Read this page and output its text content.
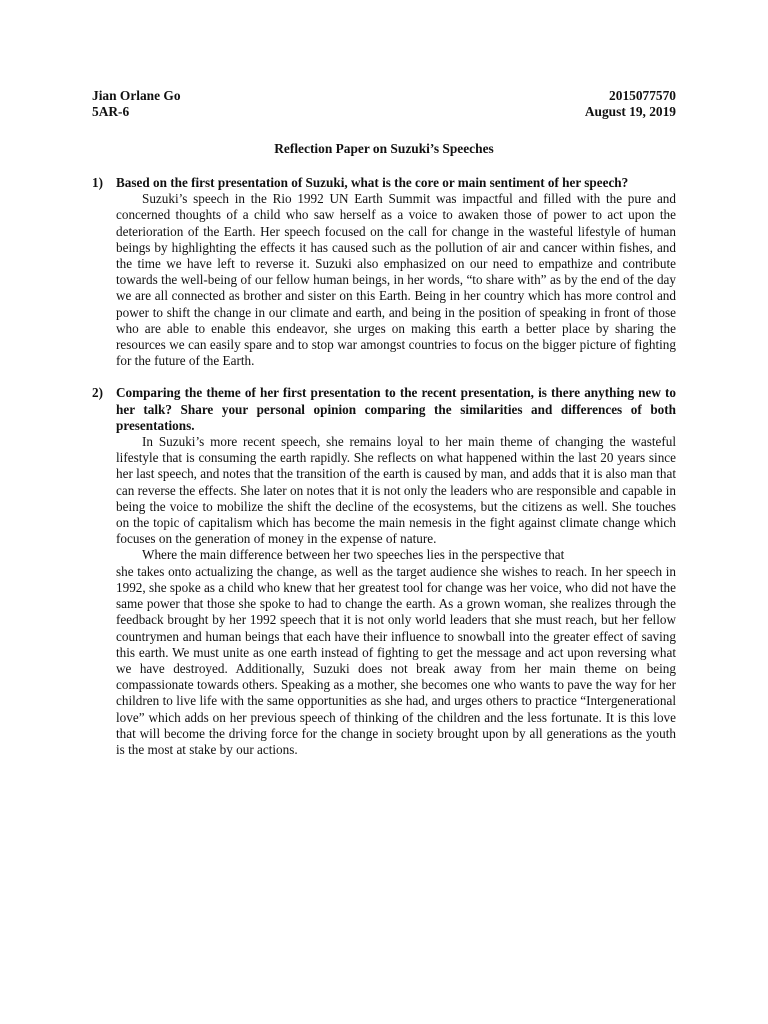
Jian Orlane Go
5AR-6
2015077570
August 19, 2019
Reflection Paper on Suzuki’s Speeches
1) Based on the first presentation of Suzuki, what is the core or main sentiment of her speech?
Suzuki’s speech in the Rio 1992 UN Earth Summit was impactful and filled with the pure and concerned thoughts of a child who saw herself as a voice to awaken those of power to act upon the deterioration of the Earth. Her speech focused on the call for change in the wasteful lifestyle of human beings by highlighting the effects it has caused such as the pollution of air and cancer within fishes, and the time we have left to reverse it. Suzuki also emphasized on our need to empathize and contribute towards the well-being of our fellow human beings, in her words, “to share with” as by the end of the day we are all connected as brother and sister on this Earth. Being in her country which has more control and power to shift the change in our climate and earth, and being in the position of speaking in front of those who are able to enable this endeavor, she urges on making this earth a better place by sharing the resources we can easily spare and to stop war amongst countries to focus on the bigger picture of fighting for the future of the Earth.
2) Comparing the theme of her first presentation to the recent presentation, is there anything new to her talk? Share your personal opinion comparing the similarities and differences of both presentations.
In Suzuki’s more recent speech, she remains loyal to her main theme of changing the wasteful lifestyle that is consuming the earth rapidly. She reflects on what happened within the last 20 years since her last speech, and notes that the transition of the earth is caused by man, and adds that it is also man that can reverse the effects. She later on notes that it is not only the leaders who are responsible and capable in being the voice to mobilize the shift the decline of the ecosystems, but the citizens as well. She touches on the topic of capitalism which has become the main nemesis in the fight against climate change which focuses on the generation of money in the expense of nature.
Where the main difference between her two speeches lies in the perspective that
she takes onto actualizing the change, as well as the target audience she wishes to reach. In her speech in 1992, she spoke as a child who knew that her greatest tool for change was her voice, who did not have the same power that those she spoke to had to change the earth. As a grown woman, she realizes through the feedback brought by her 1992 speech that it is not only world leaders that she must reach, but her fellow countrymen and human beings that each have their influence to snowball into the greater effect of saving this earth. We must unite as one earth instead of fighting to get the message and act upon reversing what we have destroyed. Additionally, Suzuki does not break away from her main theme on being compassionate towards others. Speaking as a mother, she becomes one who wants to pave the way for her children to live life with the same opportunities as she had, and urges others to practice “Intergenerational love” which adds on her previous speech of thinking of the children and the less fortunate. It is this love that will become the driving force for the change in society brought upon by all generations as the youth is the most at stake by our actions.
